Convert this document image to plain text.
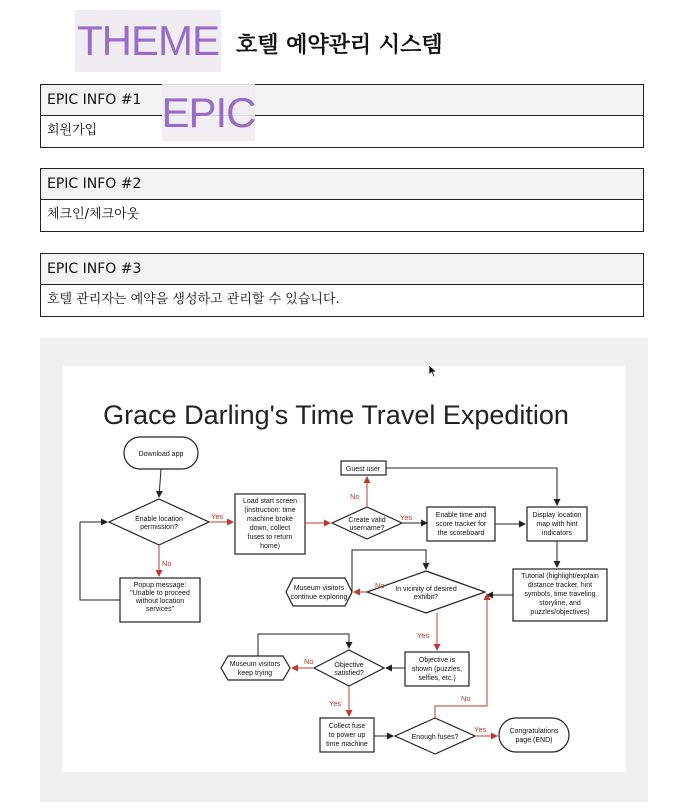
THEME 호텔 예약관리 시스템
EPIC INFO #1
회원가입
EPIC INFO #2
체크인/체크아웃
EPIC INFO #3
호텔 관리자는 예약을 생성하고 관리할 수 있습니다.
EPIC
Grace Darling's Time Travel Expedition
Yes
No
Yes
No
No
Yes
No
Yes
Yes
No
Download app
Enable location
permission?
Popup message:
"Unable to proceed
without location
services"
Load start screen
(instruction: time
machine broke
down, collect
fuses to return
home)
Guest user
Create valid
username?
Enable time and
score tracker for
the scoreboard
Display location
map with hint
indicators
Tutorial (highlight/explain
distance tracker, hint
symbols, time traveling
storyline, and
puzzles/objectives)
In vicinity of desired
exhibit?
Museum visitors
continue exploring
Objective is
shown (puzzles,
selfies, etc.)
Objective
satisfied?
Museum visitors
keep trying
Collect fuse
to power up
time machine
Enough fuses?
Congratulations
page (END)
